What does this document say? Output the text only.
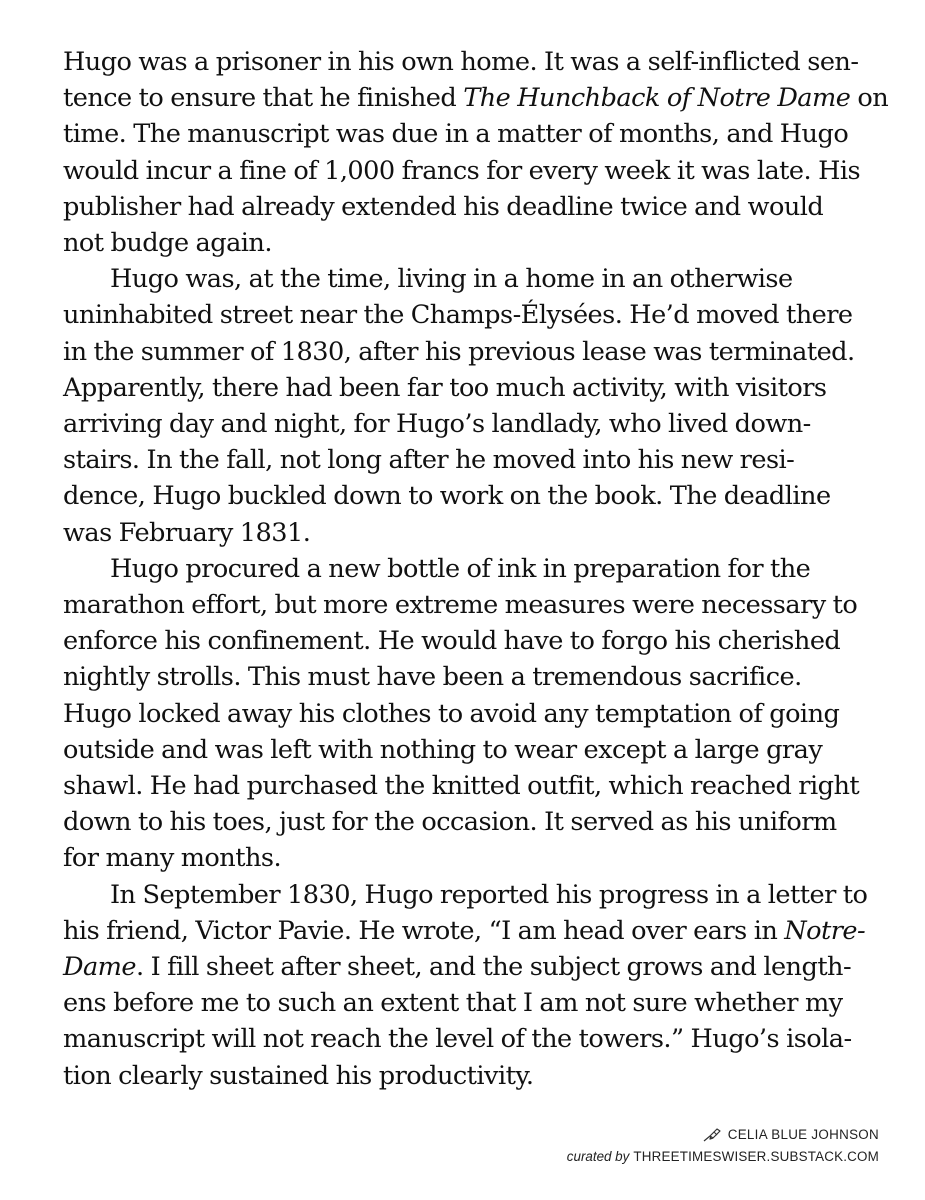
Hugo was a prisoner in his own home. It was a self-inflicted sen-
tence to ensure that he finished The Hunchback of Notre Dame on
time. The manuscript was due in a matter of months, and Hugo
would incur a fine of 1,000 francs for every week it was late. His
publisher had already extended his deadline twice and would
not budge again.

Hugo was, at the time, living in a home in an otherwise
uninhabited street near the Champs-Élysées. He’d moved there
in the summer of 1830, after his previous lease was terminated.
Apparently, there had been far too much activity, with visitors
arriving day and night, for Hugo’s landlady, who lived down-
stairs. In the fall, not long after he moved into his new resi-
dence, Hugo buckled down to work on the book. The deadline
was February 1831.

Hugo procured a new bottle of ink in preparation for the
marathon effort, but more extreme measures were necessary to
enforce his confinement. He would have to forgo his cherished
nightly strolls. This must have been a tremendous sacrifice.
Hugo locked away his clothes to avoid any temptation of going
outside and was left with nothing to wear except a large gray
shawl. He had purchased the knitted outfit, which reached right
down to his toes, just for the occasion. It served as his uniform
for many months.

In September 1830, Hugo reported his progress in a letter to
his friend, Victor Pavie. He wrote, “I am head over ears in Notre-
Dame. I fill sheet after sheet, and the subject grows and length-
ens before me to such an extent that I am not sure whether my
manuscript will not reach the level of the towers.” Hugo’s isola-
tion clearly sustained his productivity.

CELIA BLUE JOHNSON
curated by THREETIMESWISER.SUBSTACK.COM
